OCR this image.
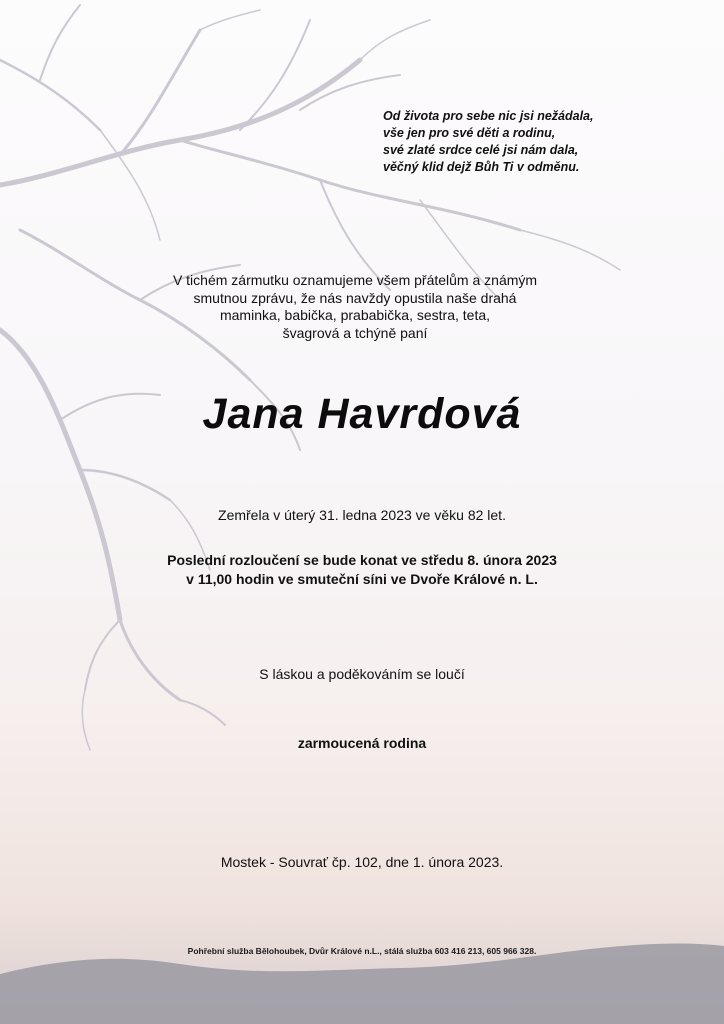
Od života pro sebe nic jsi nežádala,
vše jen pro své děti a rodinu,
své zlaté srdce celé jsi nám dala,
věčný klid dejž Bůh Ti v odměnu.
V tichém zármutku oznamujeme všem přátelům a známým
smutnou zprávu, že nás navždy opustila naše drahá
maminka, babička, prababička, sestra, teta,
švagrová a tchýně paní
Jana Havrdová
Zemřela v úterý 31. ledna 2023 ve věku 82 let.
Poslední rozloučení se bude konat ve středu 8. února 2023
v 11,00 hodin ve smuteční síni ve Dvoře Králové n. L.
S láskou a poděkováním se loučí
zarmoucená rodina
Mostek - Souvrať čp. 102, dne 1. února 2023.
Pohřební služba Bělohoubek, Dvůr Králové n.L., stálá služba 603 416 213, 605 966 328.
